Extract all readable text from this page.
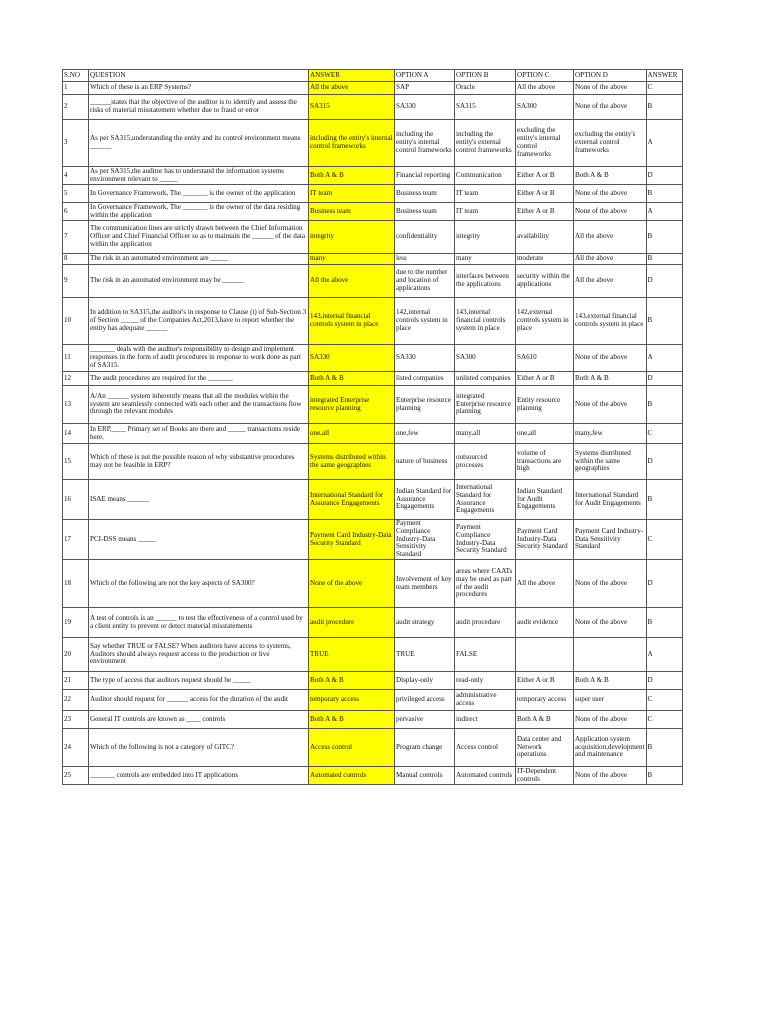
S.NO	QUESTION	ANSWER	OPTION A	OPTION B	OPTION C	OPTION D	ANSWER
1	Which of these is an ERP Systems?	All the above	SAP	Oracle	All the above	None of the above	C
2	______states that the objective of the auditor is to identify and assess the risks of material misstatement whether due to fraud or error	SA315	SA330	SA315	SA300	None of the above	B
3	As per SA315,understanding the entity and its control environment means ______	including the entity's internal control frameworks	including the entity's internal control frameworks	including the entity's external control frameworks	excluding the entity's internal control frameworks	excluding the entity's external control frameworks	A
4	As per SA315,the auditor has to understand the information systems environment relevant to _____	Both A & B	Financial reporting	Communication	Either A or B	Both A & B	D
5	In Governance Framework, The _______ is the owner of the application	IT team	Business team	IT team	Either A or B	None of the above	B
6	In Governance Framework, The _______ is the owner of the data residing within the application	Business team	Business team	IT team	Either A or B	None of the above	A
7	The communication lines are strictly drawn between the Chief Information Officer and Chief Financial Officer so as to maintain the ______ of the data within the application	integrity	confidentiality	integrity	availability	All the above	B
8	The risk in an automated environment are _____	many	less	many	moderate	All the above	B
9	The risk in an automated environment may be ______	All the above	due to the number and location of applications	interfaces between the applications	security within the applications	All the above	D
10	In addition to SA315,the auditor's in response to Clause (i) of Sub-Section 3 of Section _____ of the Companies Act,2013,have to report whether the entity has adequate ______	143,internal financial controls system in place	142,internal controls system in place	143,internal financial controls system in place	142,external controls system in place	143,external financial controls system in place	B
11	_______ deals with the auditor's responsibility to design and implement responses in the form of audit procedures in response to work done as part of SA315.	SA330	SA330	SA300	SA610	None of the above	A
12	The audit procedures are required for the _______	Both A & B	listed companies	unlisted companies	Either A or B	Both A & B	D
13	A/An ______ system inherently means that all the modules within the system are seamlessly connected with each other and the transactions flow through the relevant modules	integrated Enterprise resource planning	Enterprise resource planning	integrated Enterprise resource planning	Entity resource planning	None of the above	B
14	In ERP,____ Primary set of Books are there and _____ transactions reside here.	one,all	one,few	many,all	one,all	many,few	C
15	Which of these is not the possible reason of why substantive procedures may not be feasible in ERP?	Systems distributed within the same geographies	nature of business	outsourced processes	volume of transactions are high	Systems distributed within the same geographies	D
16	ISAE means ______	International Standard for Assurance Engagements	Indian Standard for Assurance Engagements	International Standard for Assurance Engagements	Indian Standard for Audit Engagements	International Standard for Audit Engagements	B
17	PCI-DSS means _____	Payment Card Industry-Data Security Standard	Payment Compliance Industry-Data Sensitivity Standard	Payment Compliance Industry-Data Security Standard	Payment Card Industry-Data Security Standard	Payment Card Industry-Data Sensitivity Standard	C
18	Which of the following are not the key aspects of SA300?	None of the above	Involvement of key team members	areas where CAATs may be used as part of the audit procedures	All the above	None of the above	D
19	A test of controls is an ______ to test the effectiveness of a control used by a client entity to prevent or detect material misstatements	audit procedure	audit strategy	audit procedure	audit evidence	None of the above	B
20	Say whether TRUE or FALSE? When auditors have access to systems, Auditors should always request access to the production or live environment	TRUE	TRUE	FALSE			A
21	The type of access that auditors request should be _____	Both A & B	Display-only	read-only	Either A or B	Both A & B	D
22	Auditor should request for ______ access for the duration of the audit	temporary access	privileged access	administrative access	temporary access	super user	C
23	General IT controls are known as ____ controls	Both A & B	pervasive	indirect	Both A & B	None of the above	C
24	Which of the following is not a category of GITC?	Access control	Program change	Access control	Data center and Network operations	Application system acquisition,development and maintenance	B
25	_______ controls are embedded into IT applications	Automated controls	Manual controls	Automated controls	IT-Dependent controls	None of the above	B
